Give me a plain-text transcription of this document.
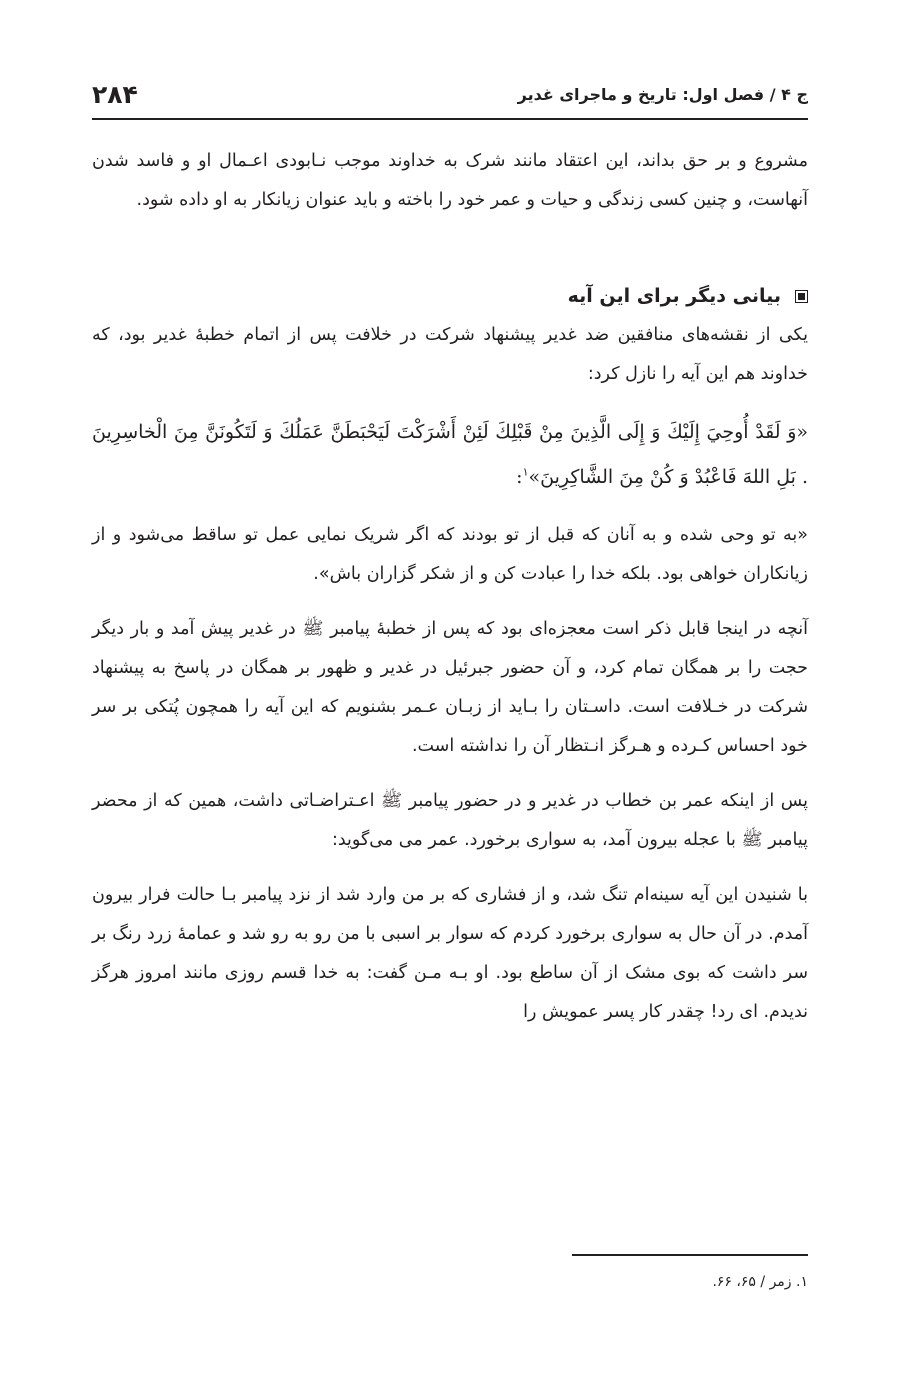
ج ۴ / فصل اول: تاریخ و ماجرای غدیر
۲۸۴

مشروع و بر حق بداند، این اعتقاد مانند شرک به خداوند موجب نـابودی اعـمال او و فاسد شدن آنهاست، و چنین کسی زندگی و حیات و عمر خود را باخته و باید عنوان زیانکار به او داده شود.

بیانی دیگر برای این آیه

یکی از نقشه‌های منافقین ضد غدیر پیشنهاد شرکت در خلافت پس از اتمام خطبهٔ غدیر بود، که خداوند هم این آیه را نازل کرد:

«وَ لَقَدْ أُوحِيَ إِلَيْكَ وَ إِلَى الَّذِينَ مِنْ قَبْلِكَ لَئِنْ أَشْرَكْتَ لَيَحْبَطَنَّ عَمَلُكَ وَ لَتَكُونَنَّ مِنَ الْخاسِرِينَ . بَلِ اللهَ فَاعْبُدْ وَ كُنْ مِنَ الشَّاكِرِينَ»$^۱$:

«به تو وحی شده و به آنان که قبل از تو بودند که اگر شریک نمایی عمل تو ساقط می‌شود و از زیانکاران خواهی بود. بلکه خدا را عبادت کن و از شکر گزاران باش».

آنچه در اینجا قابل ذکر است معجزه‌ای بود که پس از خطبهٔ پیامبر ﷺ در غدیر پیش آمد و بار دیگر حجت را بر همگان تمام کرد، و آن حضور جبرئیل در غدیر و ظهور بر همگان در پاسخ به پیشنهاد شرکت در خـلافت است. داسـتان را بـاید از زبـان عـمر بشنویم که این آیه را همچون پُتکی بر سر خود احساس کـرده و هـرگز انـتظار آن را نداشته است.

پس از اینکه عمر بن خطاب در غدیر و در حضور پیامبر ﷺ اعـتراضـاتی داشت، همین که از محضر پیامبر ﷺ با عجله بیرون آمد، به سواری برخورد. عمر می می‌گوید:

با شنیدن این آیه سینه‌ام تنگ شد، و از فشاری که بر من وارد شد از نزد پیامبر بـا حالت فرار بیرون آمدم. در آن حال به سواری برخورد کردم که سوار بر اسبی با من رو به رو شد و عمامهٔ زرد رنگ بر سر داشت که بوی مشک از آن ساطع بود. او بـه مـن گفت: به خدا قسم روزی مانند امروز هرگز ندیدم. ای رد! چقدر کار پسر عمویش را

۱. زمر / ۶۵، ۶۶.
